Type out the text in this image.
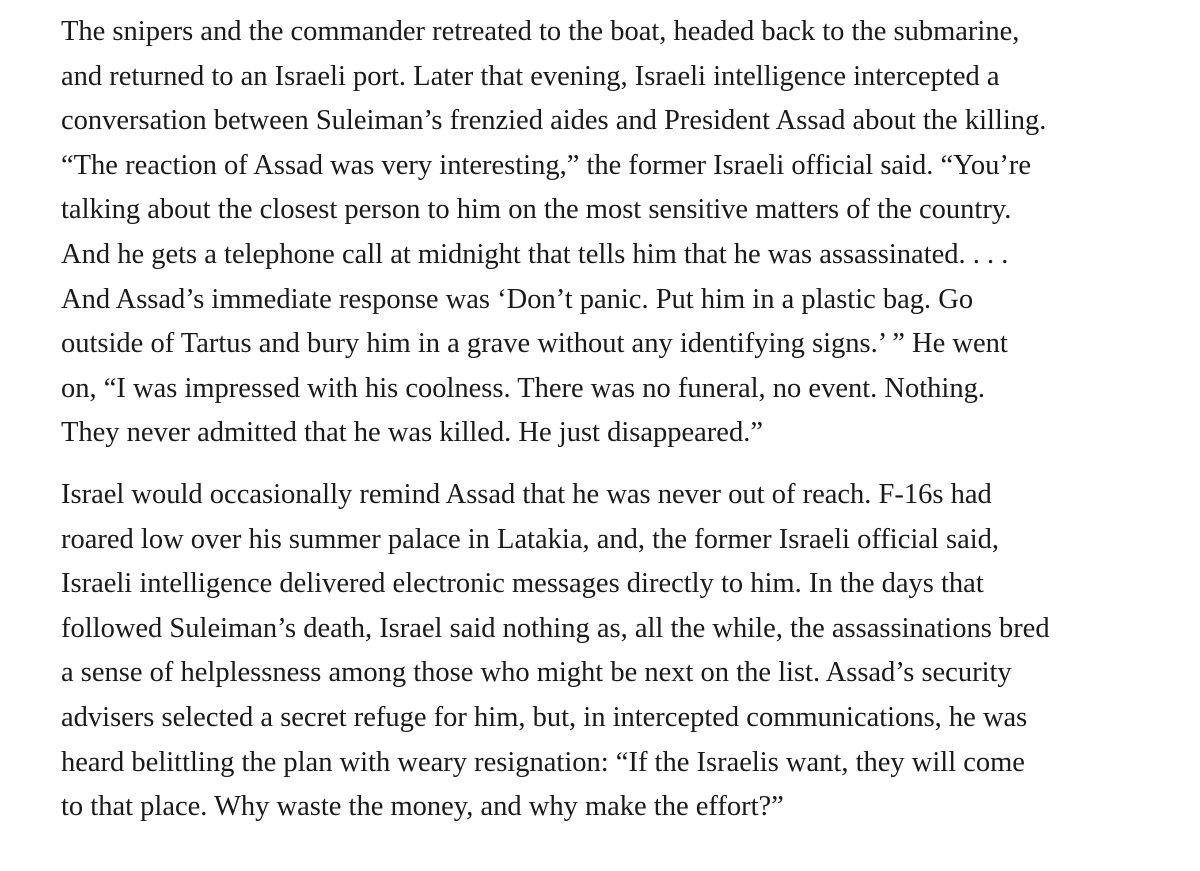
The snipers and the commander retreated to the boat, headed back to the submarine,
and returned to an Israeli port. Later that evening, Israeli intelligence intercepted a
conversation between Suleiman’s frenzied aides and President Assad about the killing.
“The reaction of Assad was very interesting,” the former Israeli official said. “You’re
talking about the closest person to him on the most sensitive matters of the country.
And he gets a telephone call at midnight that tells him that he was assassinated. . . .
And Assad’s immediate response was ‘Don’t panic. Put him in a plastic bag. Go
outside of Tartus and bury him in a grave without any identifying signs.’ ” He went
on, “I was impressed with his coolness. There was no funeral, no event. Nothing.
They never admitted that he was killed. He just disappeared.”

Israel would occasionally remind Assad that he was never out of reach. F-16s had
roared low over his summer palace in Latakia, and, the former Israeli official said,
Israeli intelligence delivered electronic messages directly to him. In the days that
followed Suleiman’s death, Israel said nothing as, all the while, the assassinations bred
a sense of helplessness among those who might be next on the list. Assad’s security
advisers selected a secret refuge for him, but, in intercepted communications, he was
heard belittling the plan with weary resignation: “If the Israelis want, they will come
to that place. Why waste the money, and why make the effort?”
